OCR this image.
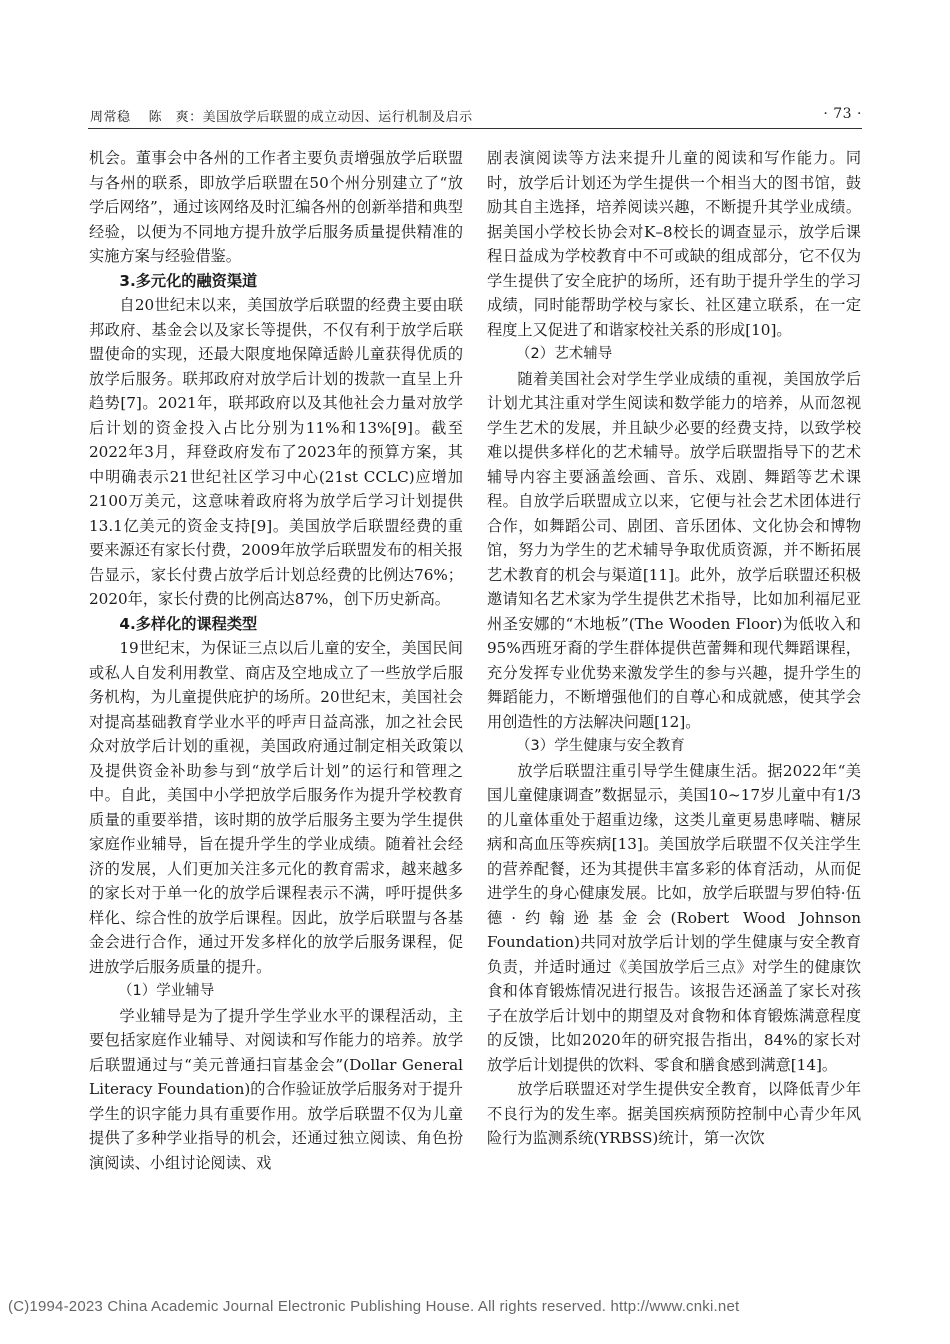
周常稳　 陈　爽：美国放学后联盟的成立动因、运行机制及启示	· 73 ·

机会。董事会中各州的工作者主要负责增强放学后联盟与各州的联系，即放学后联盟在50个州分别建立了“放学后网络”，通过该网络及时汇编各州的创新举措和典型经验，以便为不同地方提升放学后服务质量提供精准的实施方案与经验借鉴。

3.多元化的融资渠道

自20世纪末以来，美国放学后联盟的经费主要由联邦政府、基金会以及家长等提供，不仅有利于放学后联盟使命的实现，还最大限度地保障适龄儿童获得优质的放学后服务。联邦政府对放学后计划的拨款一直呈上升趋势[7]。2021年，联邦政府以及其他社会力量对放学后计划的资金投入占比分别为11%和13%[9]。截至2022年3月，拜登政府发布了2023年的预算方案，其中明确表示21世纪社区学习中心(21st CCLC)应增加2100万美元，这意味着政府将为放学后学习计划提供13.1亿美元的资金支持[9]。美国放学后联盟经费的重要来源还有家长付费，2009年放学后联盟发布的相关报告显示，家长付费占放学后计划总经费的比例达76%；2020年，家长付费的比例高达87%，创下历史新高。

4.多样化的课程类型

19世纪末，为保证三点以后儿童的安全，美国民间或私人自发利用教堂、商店及空地成立了一些放学后服务机构，为儿童提供庇护的场所。20世纪末，美国社会对提高基础教育学业水平的呼声日益高涨，加之社会民众对放学后计划的重视，美国政府通过制定相关政策以及提供资金补助参与到“放学后计划”的运行和管理之中。自此，美国中小学把放学后服务作为提升学校教育质量的重要举措，该时期的放学后服务主要为学生提供家庭作业辅导，旨在提升学生的学业成绩。随着社会经济的发展，人们更加关注多元化的教育需求，越来越多的家长对于单一化的放学后课程表示不满，呼吁提供多样化、综合性的放学后课程。因此，放学后联盟与各基金会进行合作，通过开发多样化的放学后服务课程，促进放学后服务质量的提升。

（1）学业辅导

学业辅导是为了提升学生学业水平的课程活动，主要包括家庭作业辅导、对阅读和写作能力的培养。放学后联盟通过与“美元普通扫盲基金会”(Dollar General Literacy Foundation)的合作验证放学后服务对于提升学生的识字能力具有重要作用。放学后联盟不仅为儿童提供了多种学业指导的机会，还通过独立阅读、角色扮演阅读、小组讨论阅读、戏

剧表演阅读等方法来提升儿童的阅读和写作能力。同时，放学后计划还为学生提供一个相当大的图书馆，鼓励其自主选择，培养阅读兴趣，不断提升其学业成绩。据美国小学校长协会对K–8校长的调查显示，放学后课程日益成为学校教育中不可或缺的组成部分，它不仅为学生提供了安全庇护的场所，还有助于提升学生的学习成绩，同时能帮助学校与家长、社区建立联系，在一定程度上又促进了和谐家校社关系的形成[10]。

（2）艺术辅导

随着美国社会对学生学业成绩的重视，美国放学后计划尤其注重对学生阅读和数学能力的培养，从而忽视学生艺术的发展，并且缺少必要的经费支持，以致学校难以提供多样化的艺术辅导。放学后联盟指导下的艺术辅导内容主要涵盖绘画、音乐、戏剧、舞蹈等艺术课程。自放学后联盟成立以来，它便与社会艺术团体进行合作，如舞蹈公司、剧团、音乐团体、文化协会和博物馆，努力为学生的艺术辅导争取优质资源，并不断拓展艺术教育的机会与渠道[11]。此外，放学后联盟还积极邀请知名艺术家为学生提供艺术指导，比如加利福尼亚州圣安娜的“木地板”(The Wooden Floor)为低收入和95%西班牙裔的学生群体提供芭蕾舞和现代舞蹈课程，充分发挥专业优势来激发学生的参与兴趣，提升学生的舞蹈能力，不断增强他们的自尊心和成就感，使其学会用创造性的方法解决问题[12]。

（3）学生健康与安全教育

放学后联盟注重引导学生健康生活。据2022年“美国儿童健康调查”数据显示，美国10~17岁儿童中有1/3的儿童体重处于超重边缘，这类儿童更易患哮喘、糖尿病和高血压等疾病[13]。美国放学后联盟不仅关注学生的营养配餐，还为其提供丰富多彩的体育活动，从而促进学生的身心健康发展。比如，放学后联盟与罗伯特·伍德·约翰逊基金会(Robert Wood Johnson Foundation)共同对放学后计划的学生健康与安全教育负责，并适时通过《美国放学后三点》对学生的健康饮食和体育锻炼情况进行报告。该报告还涵盖了家长对孩子在放学后计划中的期望及对食物和体育锻炼满意程度的反馈，比如2020年的研究报告指出，84%的家长对放学后计划提供的饮料、零食和膳食感到满意[14]。

放学后联盟还对学生提供安全教育，以降低青少年不良行为的发生率。据美国疾病预防控制中心青少年风险行为监测系统(YRBSS)统计，第一次饮

(C)1994-2023 China Academic Journal Electronic Publishing House. All rights reserved. http://www.cnki.net
